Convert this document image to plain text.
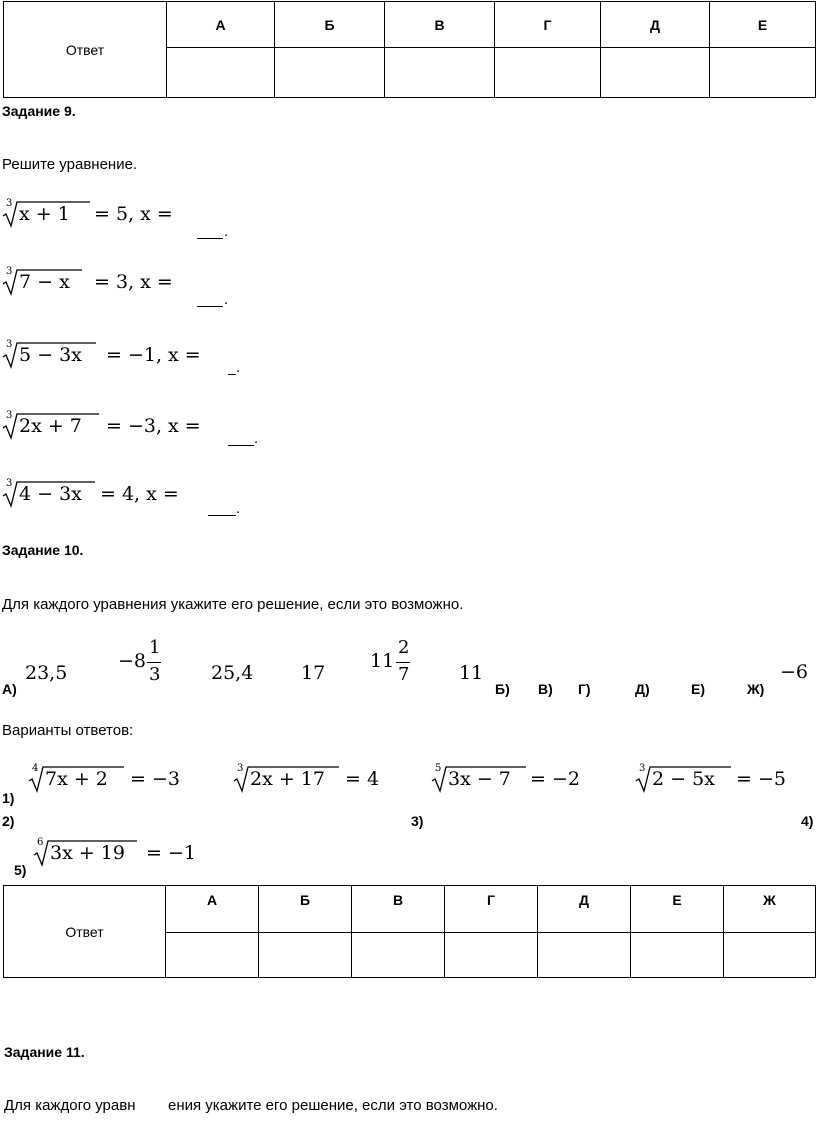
Ответ	А	Б	В	Г	Д	Е

Задание 9.
Решите уравнение.
3 x + 1 = 5, x =
.
3 7 − x = 3, x =
.
3 5 − 3x = −1, x =
.
3 2x + 7 = −3, x =
.
3 4 − 3x = 4, x =
.
Задание 10.
Для каждого уравнения укажите его решение, если это возможно.
А)
23,5
−8
1
3	25,4	17
11
2
7	11
Б) В) Г)	Д)	Е)	Ж)
−6
Варианты ответов:
4 7x + 2 = −3	3 2x + 17 = 4	5 3x − 7 = −2	3 2 − 5x = −5
1)
2)	3)	4)
6 3x + 19 = −1
5)
Ответ	А	Б	В	Г	Д	Е	Ж

Задание 11.
Для каждого уравн ения укажите его решение, если это возможно.
